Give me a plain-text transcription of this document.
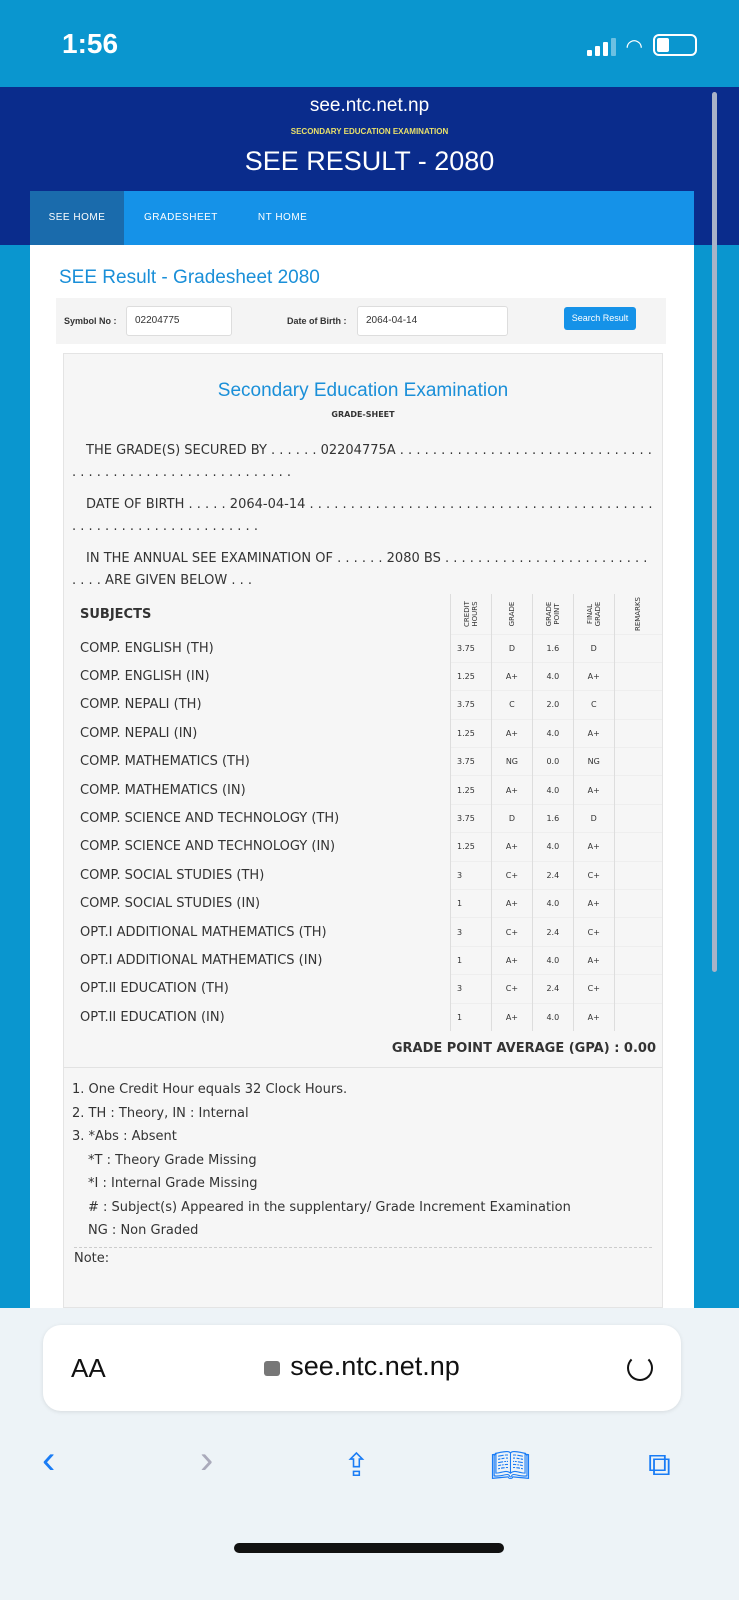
1:56	◠
see.ntc.net.np
SECONDARY EDUCATION EXAMINATION
SEE RESULT - 2080
SEE HOME	GRADESHEET	NT HOME
SEE Result - Gradesheet 2080
Symbol No :	02204775	Date of Birth :	2064-04-14	Search Result
Secondary Education Examination
GRADE-SHEET
THE GRADE(S) SECURED BY . . . . . . 02204775A . . . . . . . . . . . . . . . . . . . . . . . . . . . . . . . . . . . . . . . . . . . . . . . . . . . . . . . . . .
DATE OF BIRTH . . . . . 2064-04-14 . . . . . . . . . . . . . . . . . . . . . . . . . . . . . . . . . . . . . . . . . . . . . . . . . . . . . . . . . . . . . . . . .
IN THE ANNUAL SEE EXAMINATION OF . . . . . . 2080 BS . . . . . . . . . . . . . . . . . . . . . . . . . . . . . ARE GIVEN BELOW . . .
SUBJECTS	CREDIT HOURS	GRADE	GRADE POINT	FINAL GRADE	REMARKS
COMP. ENGLISH (TH)	3.75	D	1.6	D	
COMP. ENGLISH (IN)	1.25	A+	4.0	A+	
COMP. NEPALI (TH)	3.75	C	2.0	C	
COMP. NEPALI (IN)	1.25	A+	4.0	A+	
COMP. MATHEMATICS (TH)	3.75	NG	0.0	NG	
COMP. MATHEMATICS (IN)	1.25	A+	4.0	A+	
COMP. SCIENCE AND TECHNOLOGY (TH)	3.75	D	1.6	D	
COMP. SCIENCE AND TECHNOLOGY (IN)	1.25	A+	4.0	A+	
COMP. SOCIAL STUDIES (TH)	3	C+	2.4	C+	
COMP. SOCIAL STUDIES (IN)	1	A+	4.0	A+	
OPT.I ADDITIONAL MATHEMATICS (TH)	3	C+	2.4	C+	
OPT.I ADDITIONAL MATHEMATICS (IN)	1	A+	4.0	A+	
OPT.II EDUCATION (TH)	3	C+	2.4	C+	
OPT.II EDUCATION (IN)	1	A+	4.0	A+	
GRADE POINT AVERAGE (GPA) : 0.00
1. One Credit Hour equals 32 Clock Hours.
2. TH : Theory, IN : Internal
3. *Abs : Absent
*T : Theory Grade Missing
*I : Internal Grade Missing
# : Subject(s) Appeared in the supplentary/ Grade Increment Examination
NG : Non Graded
Note:
AA	see.ntc.net.np
‹	›	⇪	📖︎	⧉
